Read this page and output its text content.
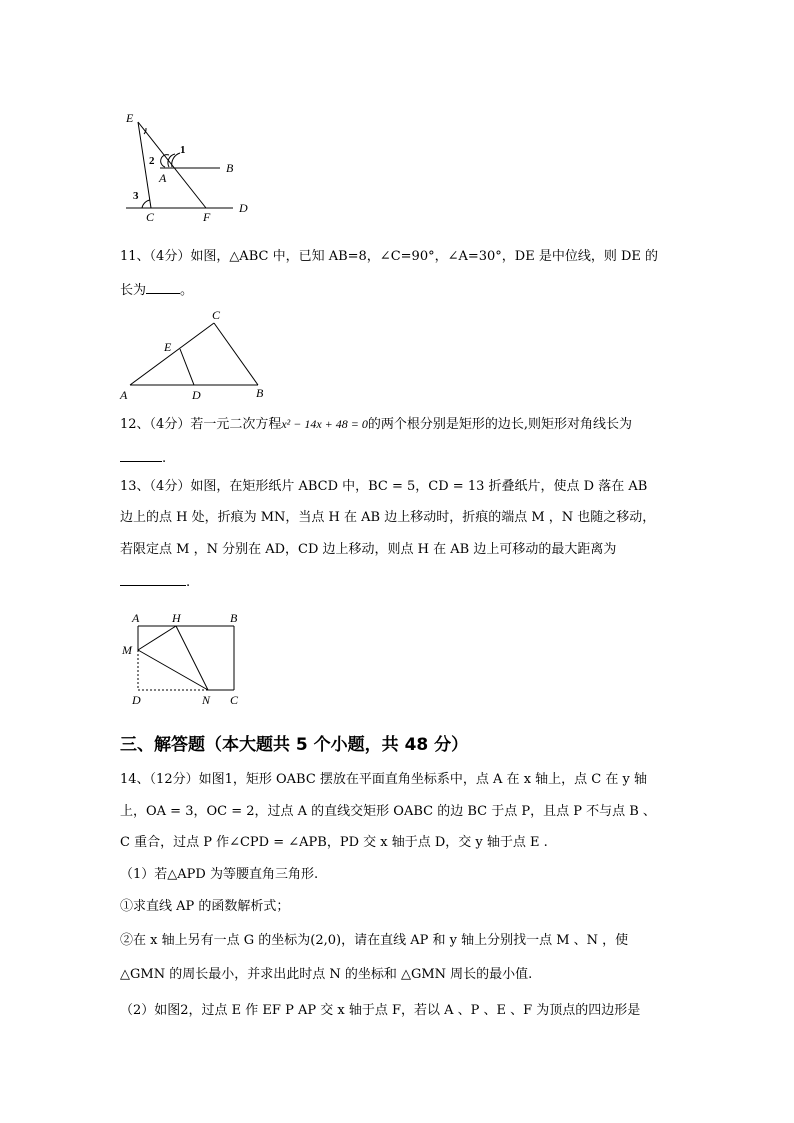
E
1
2
A
B
3
C	F
D
11、（4分）如图，△ABC 中，已知 AB=8，∠C=90°，∠A=30°，DE 是中位线，则 DE 的
长为	。
C
E
A	D	B
12、（4分）若一元二次方程x² − 14x + 48 = 0的两个根分别是矩形的边长,则矩形对角线长为
.
13、（4分）如图，在矩形纸片 ABCD 中，BC = 5，CD = 13 折叠纸片，使点 D 落在 AB
边上的点 H 处，折痕为 MN，当点 H 在 AB 边上移动时，折痕的端点 M ，N 也随之移动，
若限定点 M ，N 分别在 AD，CD 边上移动，则点 H 在 AB 边上可移动的最大距离为
.
A	H	B
M
D	N C
三、解答题（本大题共 5 个小题，共 48 分）
14、（12分）如图1，矩形 OABC 摆放在平面直角坐标系中，点 A 在 x 轴上，点 C 在 y 轴
上，OA = 3，OC = 2，过点 A 的直线交矩形 OABC 的边 BC 于点 P，且点 P 不与点 B 、
C 重合，过点 P 作∠CPD = ∠APB，PD 交 x 轴于点 D，交 y 轴于点 E .
（1）若△APD 为等腰直角三角形.
①求直线 AP 的函数解析式；
②在 x 轴上另有一点 G 的坐标为(2,0)，请在直线 AP 和 y 轴上分别找一点 M 、N ，使
△GMN 的周长最小，并求出此时点 N 的坐标和 △GMN 周长的最小值.
（2）如图2，过点 E 作 EF P AP 交 x 轴于点 F，若以 A 、P 、E 、F 为顶点的四边形是
